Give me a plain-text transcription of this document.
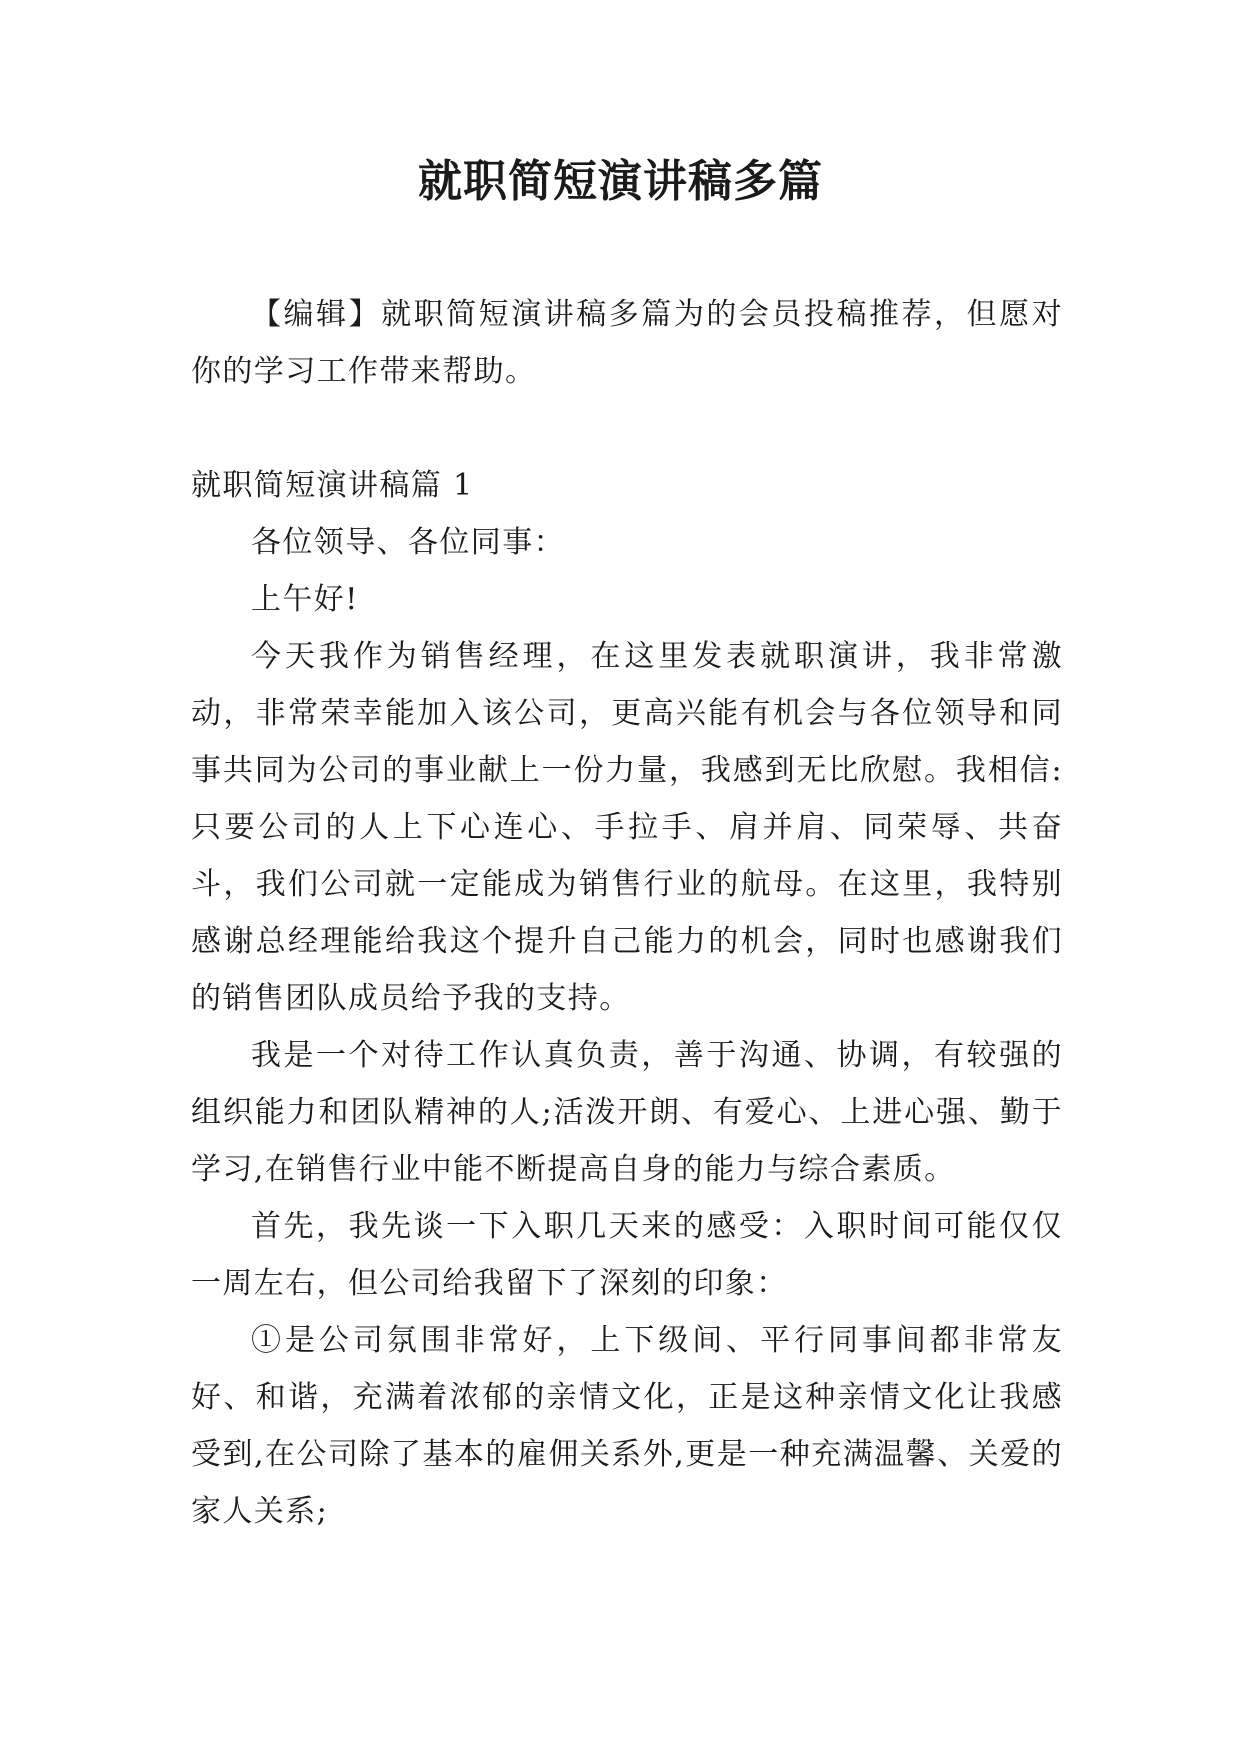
就职简短演讲稿多篇

【编辑】就职简短演讲稿多篇为的会员投稿推荐，但愿对你的学习工作带来帮助。

就职简短演讲稿篇 1

各位领导、各位同事：

上午好!

今天我作为销售经理，在这里发表就职演讲，我非常激动，非常荣幸能加入该公司，更高兴能有机会与各位领导和同事共同为公司的事业献上一份力量，我感到无比欣慰。我相信: 只要公司的人上下心连心、手拉手、肩并肩、同荣辱、共奋斗，我们公司就一定能成为销售行业的航母。在这里，我特别感谢总经理能给我这个提升自己能力的机会，同时也感谢我们的销售团队成员给予我的支持。

我是一个对待工作认真负责，善于沟通、协调，有较强的组织能力和团队精神的人;活泼开朗、有爱心、上进心强、勤于学习,在销售行业中能不断提高自身的能力与综合素质。

首先，我先谈一下入职几天来的感受：入职时间可能仅仅一周左右，但公司给我留下了深刻的印象：

①是公司氛围非常好，上下级间、平行同事间都非常友好、和谐，充满着浓郁的亲情文化，正是这种亲情文化让我感受到,在公司除了基本的雇佣关系外,更是一种充满温馨、关爱的家人关系;
